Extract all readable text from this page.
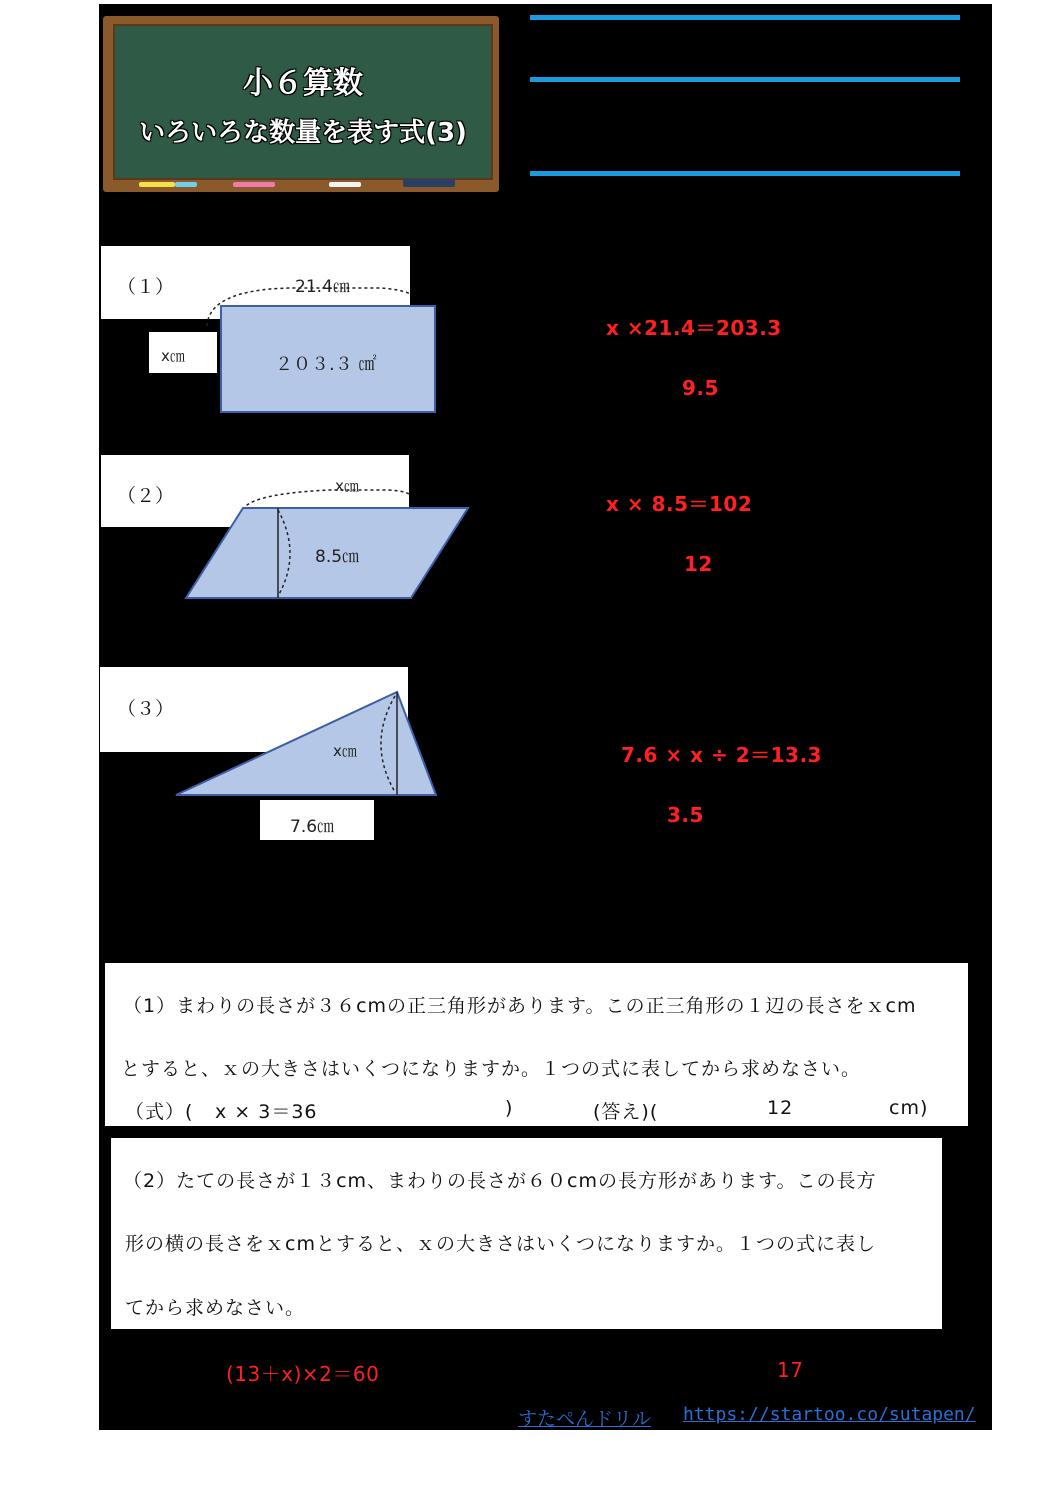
小６算数
いろいろな数量を表す式(3)
（１）	21.4㎝
x㎝	２０３.３ ㎠
x ×21.4＝203.3
9.5
（２）	x㎝
8.5㎝
x × 8.5＝102
12
（３）
x㎝
7.6㎝
7.6 × x ÷ 2＝13.3
3.5
（1）まわりの長さが３６cmの正三角形があります。この正三角形の１辺の長さをｘcm
とすると、ｘの大きさはいくつになりますか。１つの式に表してから求めなさい。
（式）( x × 3＝36	)	(答え)(	12	cm)
（2）たての長さが１３cm、まわりの長さが６０cmの長方形があります。この長方
形の横の長さをｘcmとすると、ｘの大きさはいくつになりますか。１つの式に表し
てから求めなさい。
(13＋x)×2＝60	17
すたぺんドリル https://startoo.co/sutapen/
